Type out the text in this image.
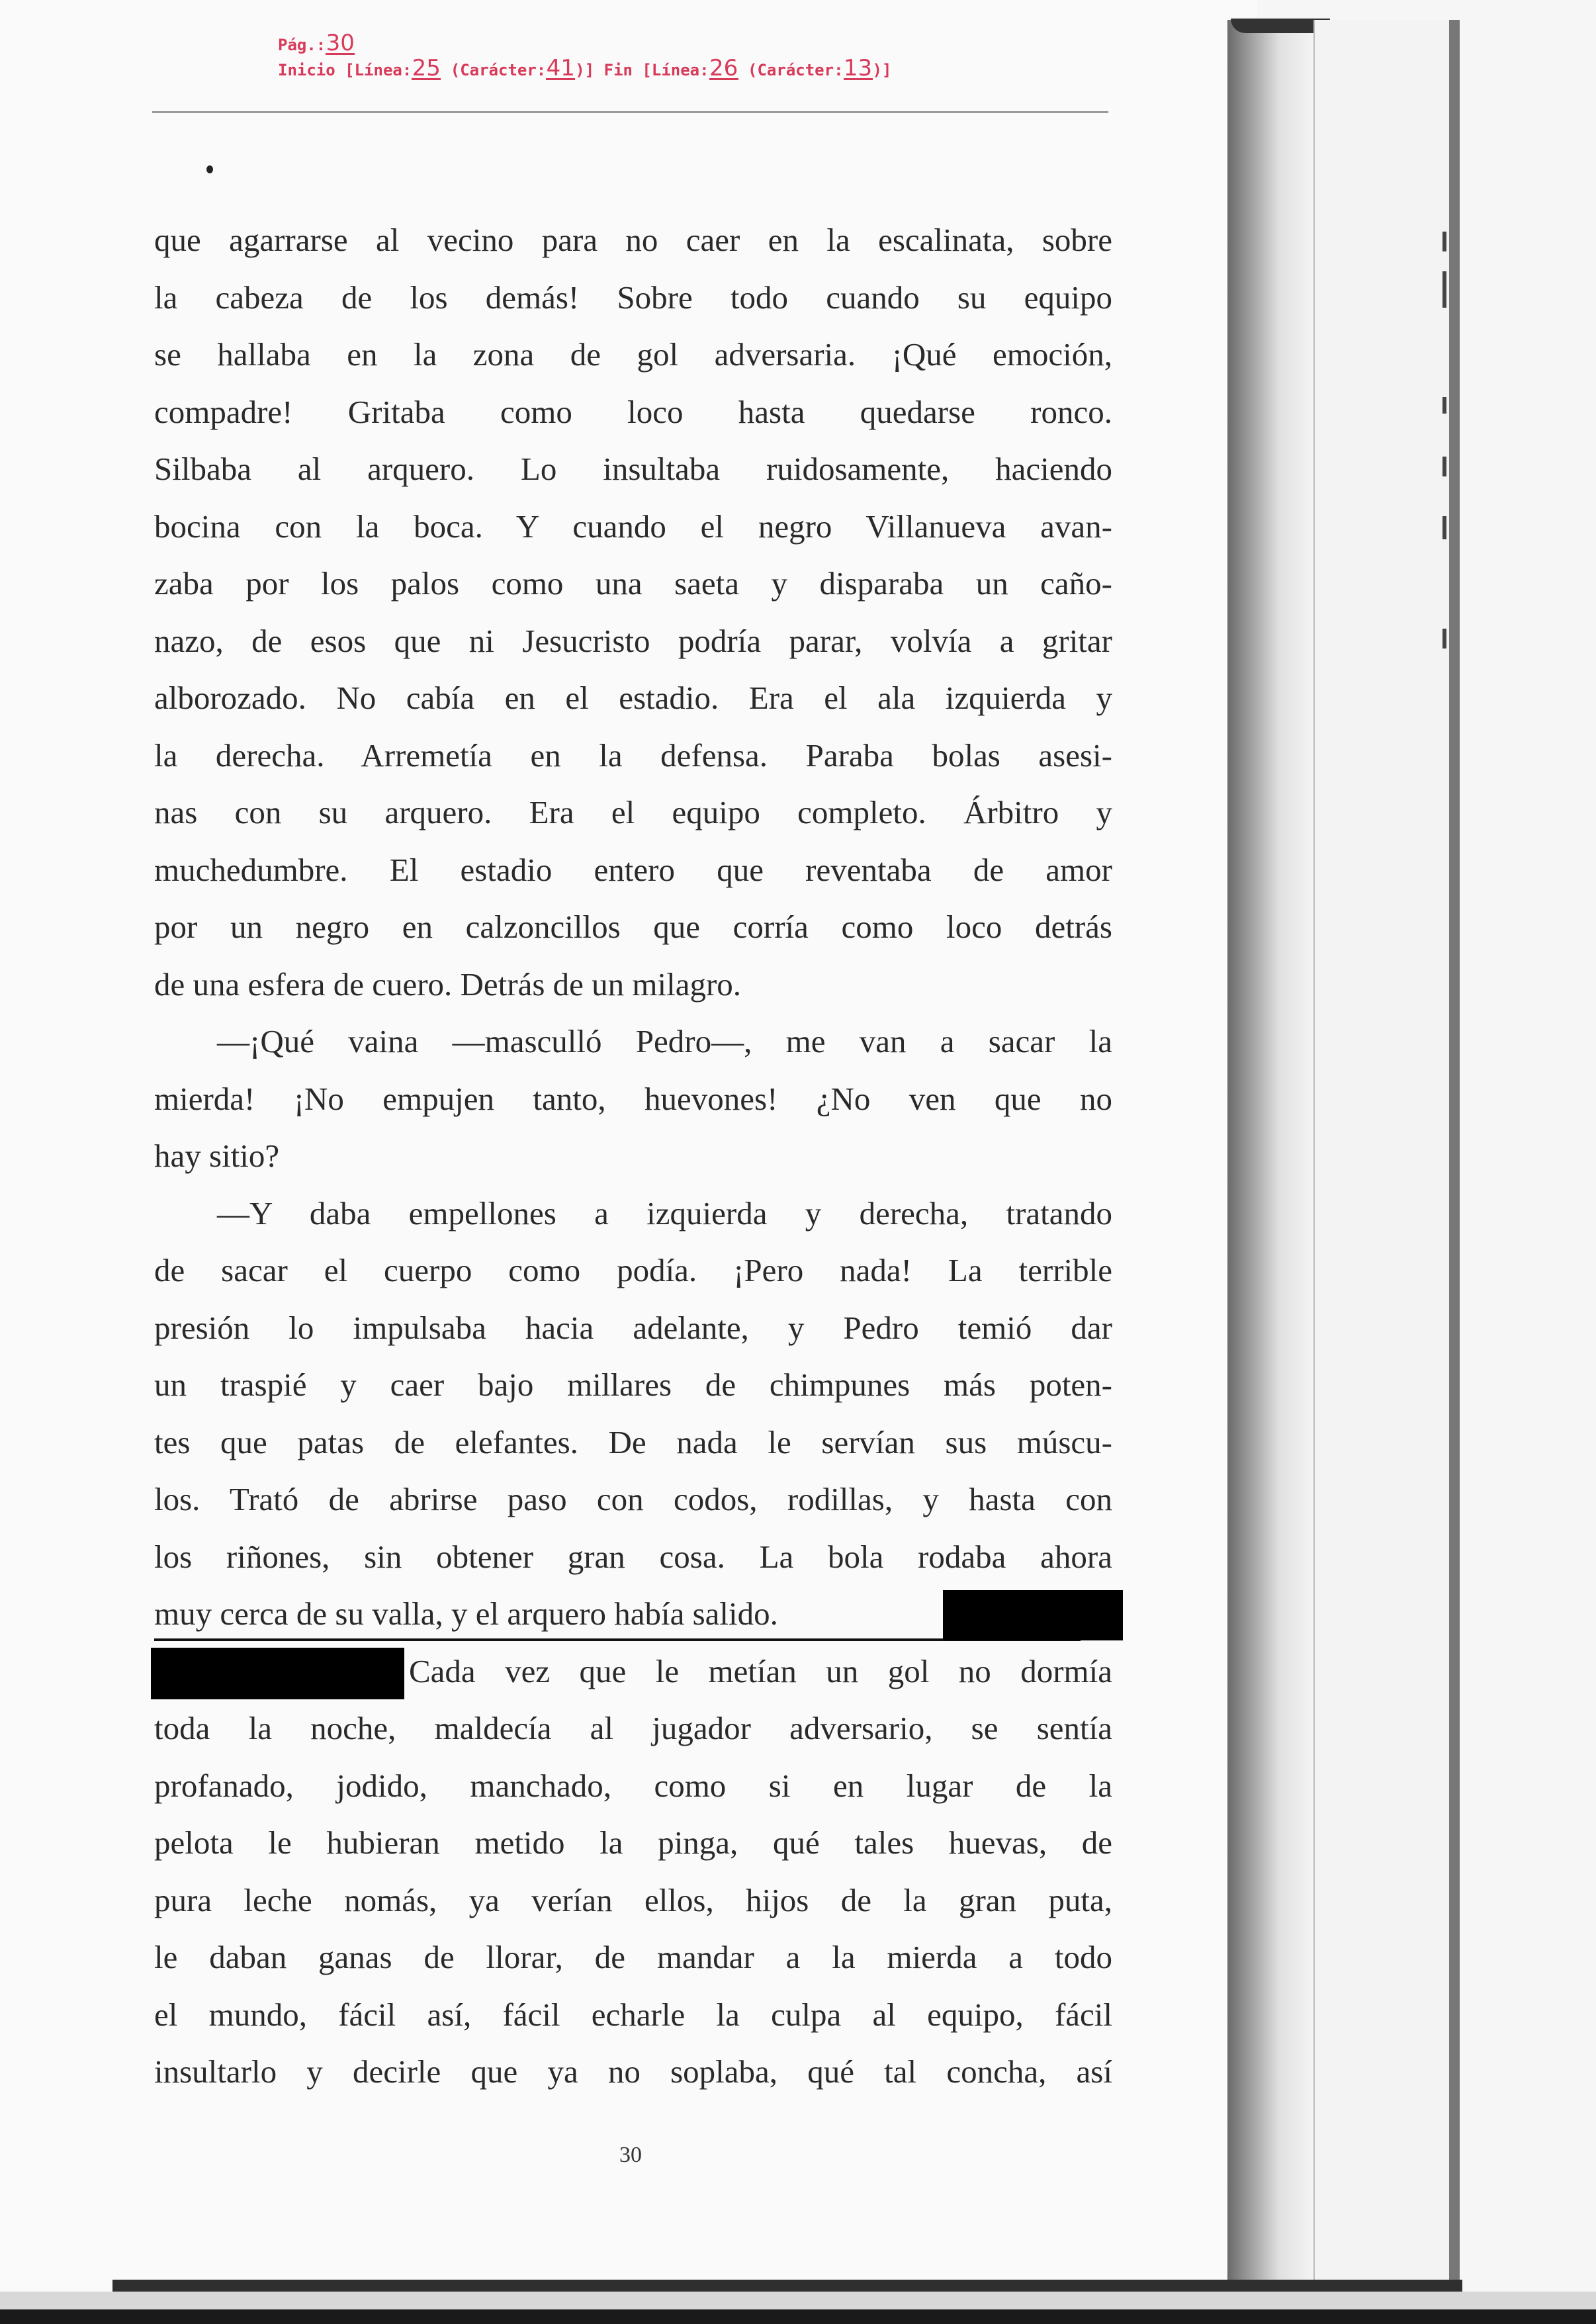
Pág.:30
Inicio [Línea:25 (Carácter:41)] Fin [Línea:26 (Carácter:13)]
que agarrarse al vecino para no caer en la escalinata, sobre
la cabeza de los demás! Sobre todo cuando su equipo
se hallaba en la zona de gol adversaria. ¡Qué emoción,
compadre! Gritaba como loco hasta quedarse ronco.
Silbaba al arquero. Lo insultaba ruidosamente, haciendo
bocina con la boca. Y cuando el negro Villanueva avan-
zaba por los palos como una saeta y disparaba un caño-
nazo, de esos que ni Jesucristo podría parar, volvía a gritar
alborozado. No cabía en el estadio. Era el ala izquierda y
la derecha. Arremetía en la defensa. Paraba bolas asesi-
nas con su arquero. Era el equipo completo. Árbitro y
muchedumbre. El estadio entero que reventaba de amor
por un negro en calzoncillos que corría como loco detrás
de una esfera de cuero. Detrás de un milagro.
—¡Qué vaina —masculló Pedro—, me van a sacar la
mierda! ¡No empujen tanto, huevones! ¿No ven que no
hay sitio?
—Y daba empellones a izquierda y derecha, tratando
de sacar el cuerpo como podía. ¡Pero nada! La terrible
presión lo impulsaba hacia adelante, y Pedro temió dar
un traspié y caer bajo millares de chimpunes más poten-
tes que patas de elefantes. De nada le servían sus múscu-
los. Trató de abrirse paso con codos, rodillas, y hasta con
los riñones, sin obtener gran cosa. La bola rodaba ahora
muy cerca de su valla, y el arquero había salido.
Cada vez que le metían un gol no dormía
toda la noche, maldecía al jugador adversario, se sentía
profanado, jodido, manchado, como si en lugar de la
pelota le hubieran metido la pinga, qué tales huevas, de
pura leche nomás, ya verían ellos, hijos de la gran puta,
le daban ganas de llorar, de mandar a la mierda a todo
el mundo, fácil así, fácil echarle la culpa al equipo, fácil
insultarlo y decirle que ya no soplaba, qué tal concha, así
30
